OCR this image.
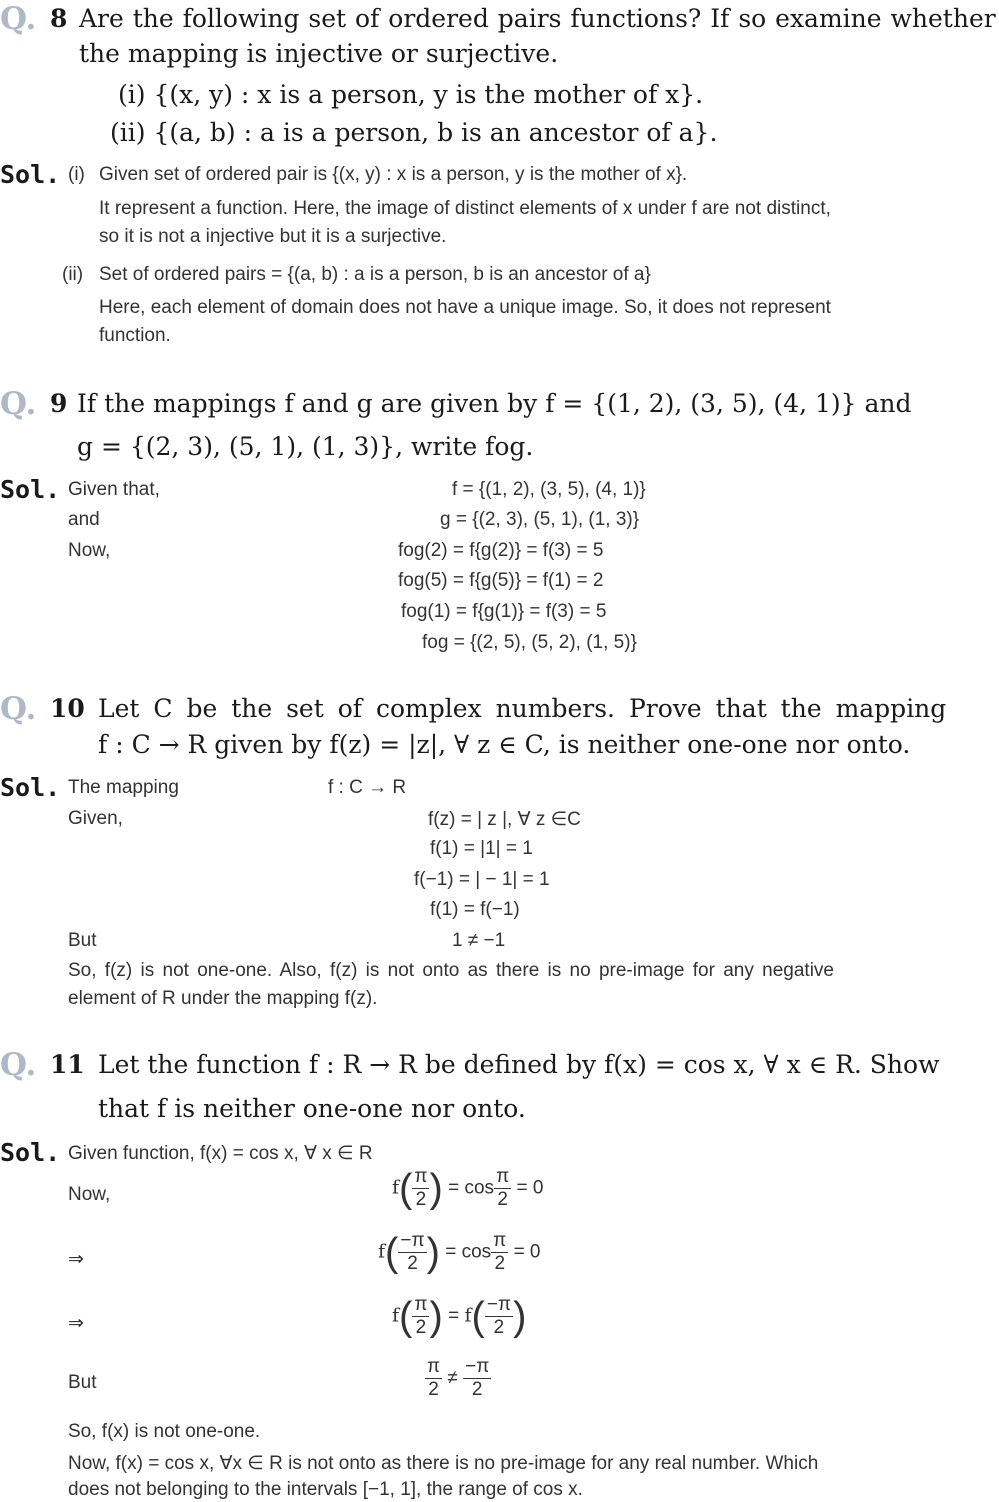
Q. 8 Are the following set of ordered pairs functions? If so examine whether
the mapping is injective or surjective.
(i) {(x, y) : x is a person, y is the mother of x}.
(ii) {(a, b) : a is a person, b is an ancestor of a}.
Sol. (i) Given set of ordered pair is {(x, y) : x is a person, y is the mother of x}.
It represent a function. Here, the image of distinct elements of x under f are not distinct,
so it is not a injective but it is a surjective.
(ii) Set of ordered pairs = {(a, b) : a is a person, b is an ancestor of a}
Here, each element of domain does not have a unique image. So, it does not represent
function.
Q. 9 If the mappings f and g are given by f = {(1, 2), (3, 5), (4, 1)} and
g = {(2, 3), (5, 1), (1, 3)}, write fog.
Sol. Given that,
and
Now,
f = {(1, 2), (3, 5), (4, 1)}
g = {(2, 3), (5, 1), (1, 3)}
fog(2) = f{g(2)} = f(3) = 5
fog(5) = f{g(5)} = f(1) = 2
fog(1) = f{g(1)} = f(3) = 5
fog = {(2, 5), (5, 2), (1, 5)}
Q. 10 Let C be the set of complex numbers. Prove that the mapping
f : C → R given by f(z) = |z|, ∀ z ∈ C, is neither one-one nor onto.
Sol. The mapping
Given,
But
f : C → R
f(z) = | z |, ∀ z ∈C
f(1) = |1| = 1
f(−1) = | − 1| = 1
f(1) = f(−1)
1 ≠ −1
So, f(z) is not one-one. Also, f(z) is not onto as there is no pre-image for any negative
element of R under the mapping f(z).
Q. 11 Let the function f : R → R be defined by f(x) = cos x, ∀ x ∈ R. Show
that f is neither one-one nor onto.
Sol. Given function, f(x) = cos x, ∀ x ∈ R
Now,
⇒
⇒
But
$f( \frac{\pi}{2}$ ) = $\cos \frac{\pi}{2} = 0$
$f( \frac{-\pi}{2}$ ) = $\cos \frac{\pi}{2} = 0$
$f( \frac{\pi}{2}$ ) = $f( \frac{-\pi}{2}$ )
$\frac{\pi}{2} \ne \frac{-\pi}{2}$
So, f(x) is not one-one.
Now, f(x) = cos x, ∀x ∈ R is not onto as there is no pre-image for any real number. Which
does not belonging to the intervals [−1, 1], the range of cos x.
